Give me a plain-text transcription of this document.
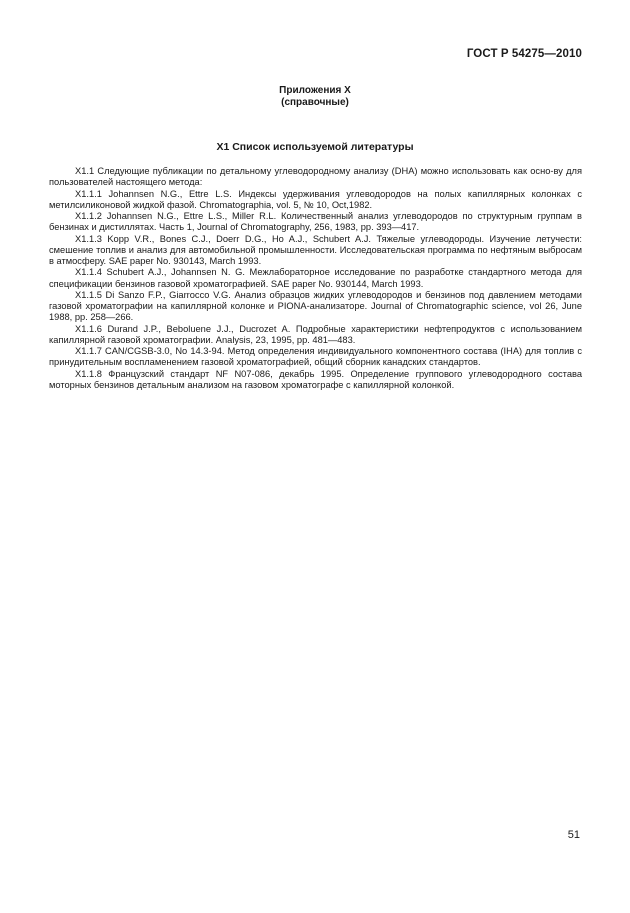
ГОСТ Р 54275—2010
Приложения Х
(справочные)
Х1 Список используемой литературы

Х1.1 Следующие публикации по детальному углеводородному анализу (DHA) можно использовать как осно-ву для пользователей настоящего метода:

Х1.1.1 Johannsen N.G., Ettre L.S. Индексы удерживания углеводородов на полых капиллярных колонках с метилсиликоновой жидкой фазой. Chromatographia, vol. 5, № 10, Oct,1982.

Х1.1.2 Johannsen N.G., Ettre L.S., Miller R.L. Количественный анализ углеводородов по структурным группам в бензинах и дистиллятах. Часть 1, Journal of Chromatography, 256, 1983, pp. 393—417.

Х1.1.3 Kopp V.R., Bones C.J., Doerr D.G., Ho A.J., Schubert A.J. Тяжелые углеводороды. Изучение летучести: смешение топлив и анализ для автомобильной промышленности. Исследовательская программа по нефтяным выбросам в атмосферу. SAE paper No. 930143, March 1993.

Х1.1.4 Schubert A.J., Johannsen N. G. Межлабораторное исследование по разработке стандартного метода для спецификации бензинов газовой хроматографией. SAE paper No. 930144, March 1993.

Х1.1.5 Di Sanzo F.P., Giarrocco V.G. Анализ образцов жидких углеводородов и бензинов под давлением методами газовой хроматографии на капиллярной колонке и PIONA-анализаторе. Journal of Chromatographic science, vol 26, June 1988, pp. 258—266.

Х1.1.6 Durand J.P., Beboluene J.J., Ducrozet A. Подробные характеристики нефтепродуктов с использованием капиллярной газовой хроматографии. Analysis, 23, 1995, pp. 481—483.

Х1.1.7 CAN/CGSB-3.0, No 14.3-94. Метод определения индивидуального компонентного состава (IHA) для топлив с принудительным воспламенением газовой хроматографией, общий сборник канадских стандартов.

Х1.1.8 Французский стандарт NF N07-086, декабрь 1995. Определение группового углеводородного состава моторных бензинов детальным анализом на газовом хроматографе с капиллярной колонкой.

51
